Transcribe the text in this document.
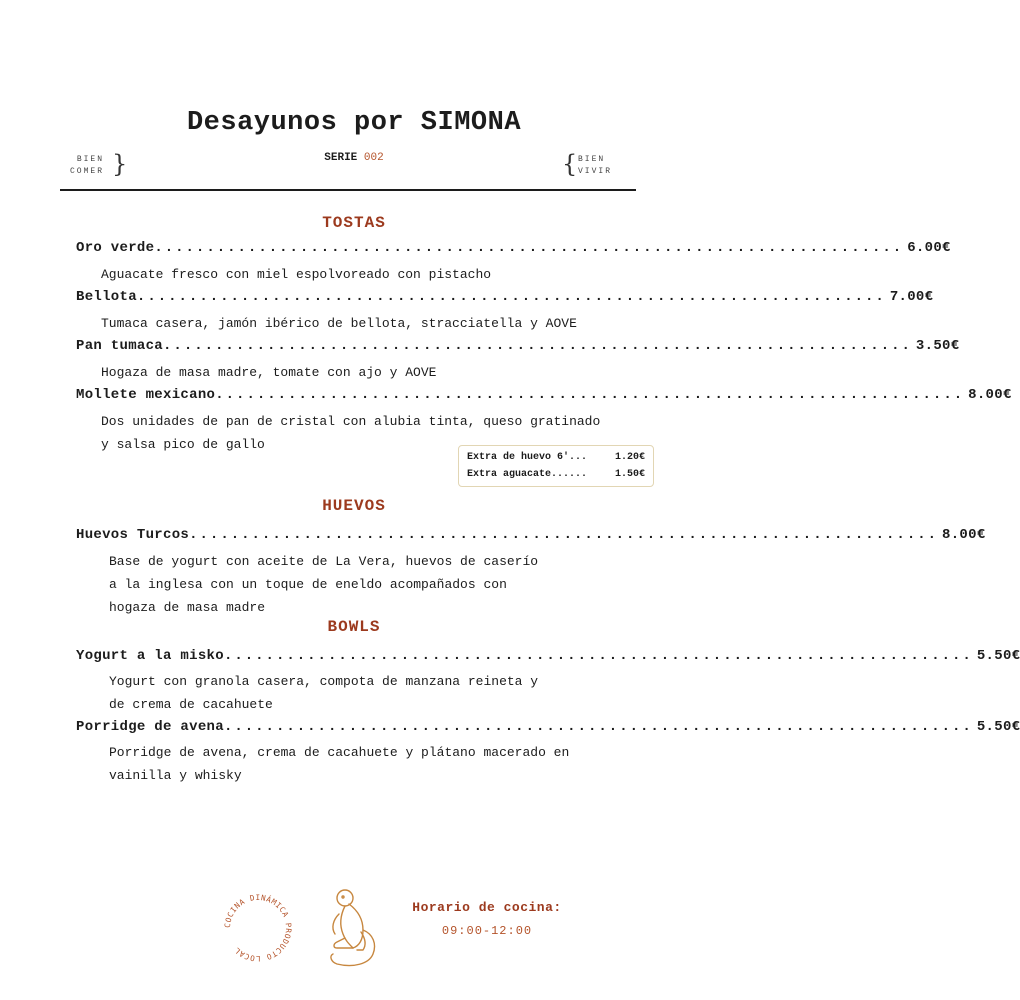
Desayunos por SIMONA
BIEN
COMER }	SERIE 002	{ BIEN
VIVIR
TOSTAS
Oro verde ........................................................................ 6.00€
Aguacate fresco con miel espolvoreado con pistacho
Bellota ........................................................................ 7.00€
Tumaca casera, jamón ibérico de bellota, stracciatella y AOVE
Pan tumaca ........................................................................ 3.50€
Hogaza de masa madre, tomate con ajo y AOVE
Mollete mexicano ........................................................................ 8.00€
Dos unidades de pan de cristal con alubia tinta, queso gratinado
y salsa pico de gallo
Extra de huevo 6'...	1.20€
Extra aguacate......	1.50€
HUEVOS
Huevos Turcos ........................................................................ 8.00€
Base de yogurt con aceite de La Vera, huevos de caserío
a la inglesa con un toque de eneldo acompañados con
hogaza de masa madre
BOWLS
Yogurt a la misko ........................................................................ 5.50€
Yogurt con granola casera, compota de manzana reineta y
de crema de cacahuete
Porridge de avena ........................................................................ 5.50€
Porridge de avena, crema de cacahuete y plátano macerado en
vainilla y whisky
COCINA DINÁMICA PRODUCTO LOCAL
Horario de cocina:
09:00-12:00
